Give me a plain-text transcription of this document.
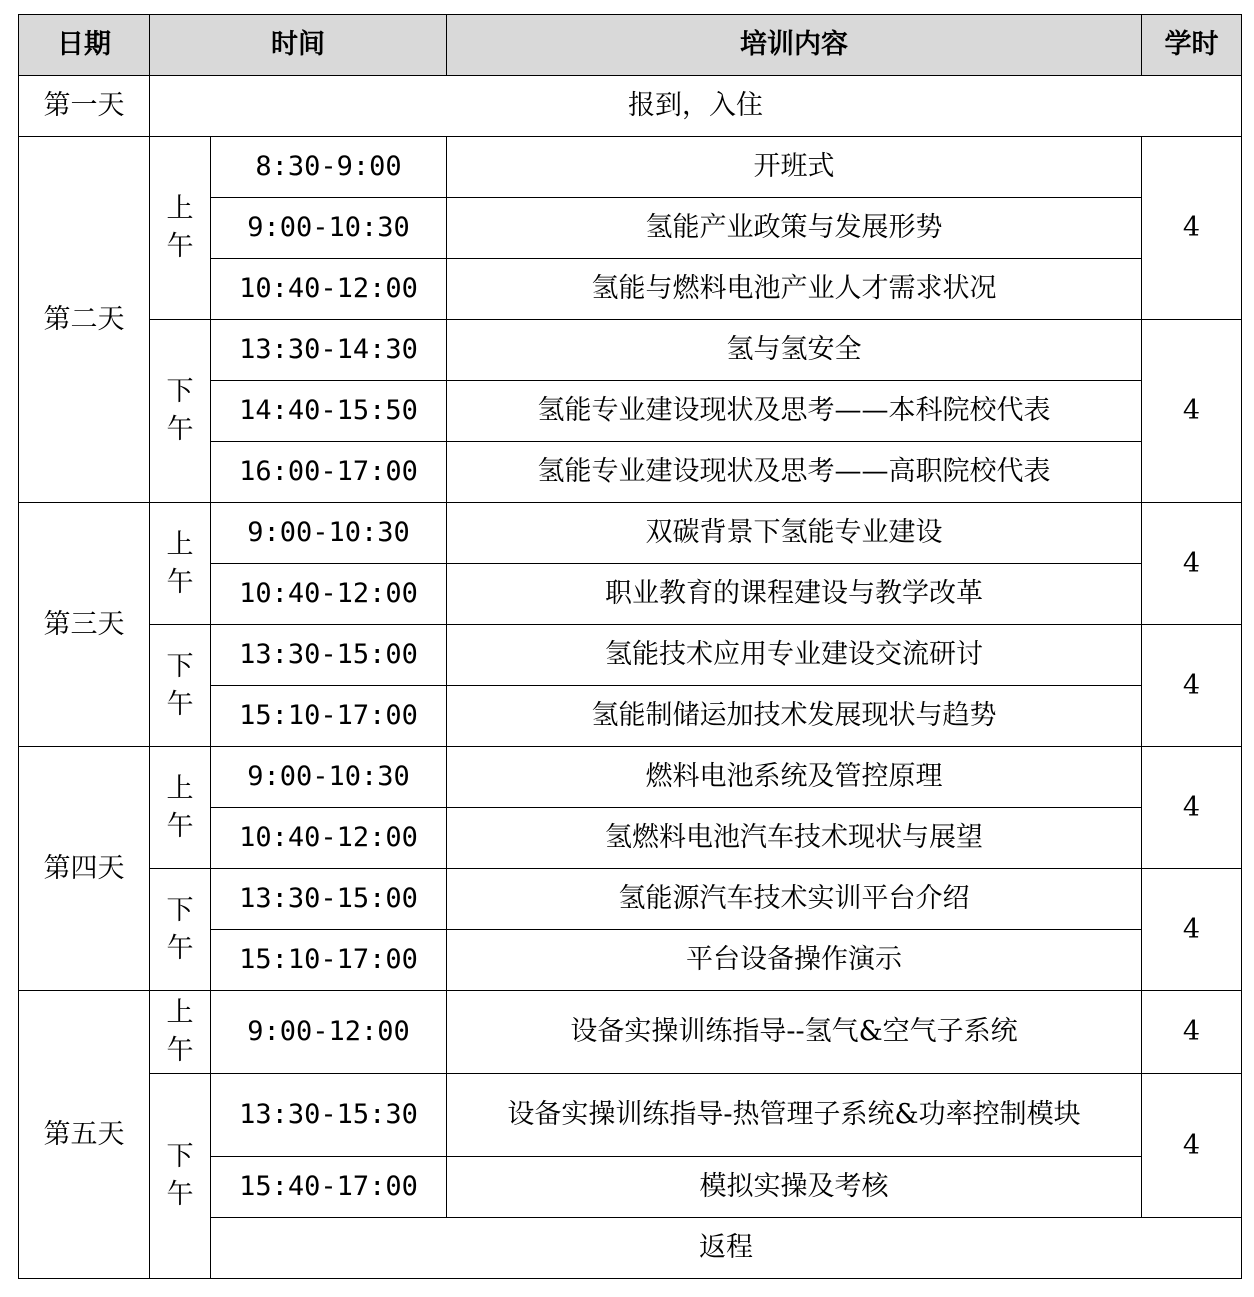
日期	时间		培训内容	学时
第一天	报到，入住			
第二天	上午	8:30-9:00	开班式	4
		9:00-10:30	氢能产业政策与发展形势	
		10:40-12:00	氢能与燃料电池产业人才需求状况	
	下午	13:30-14:30	氢与氢安全	4
		14:40-15:50	氢能专业建设现状及思考——本科院校代表	
		16:00-17:00	氢能专业建设现状及思考——高职院校代表	
第三天	上午	9:00-10:30	双碳背景下氢能专业建设	4
		10:40-12:00	职业教育的课程建设与教学改革	
	下午	13:30-15:00	氢能技术应用专业建设交流研讨	4
		15:10-17:00	氢能制储运加技术发展现状与趋势	
第四天	上午	9:00-10:30	燃料电池系统及管控原理	4
		10:40-12:00	氢燃料电池汽车技术现状与展望	
	下午	13:30-15:00	氢能源汽车技术实训平台介绍	4
		15:10-17:00	平台设备操作演示	
第五天	上午	9:00-12:00	设备实操训练指导--氢气&空气子系统	4
	下午	13:30-15:30	设备实操训练指导-热管理子系统&功率控制模块	4
		15:40-17:00	模拟实操及考核	
		返程		
